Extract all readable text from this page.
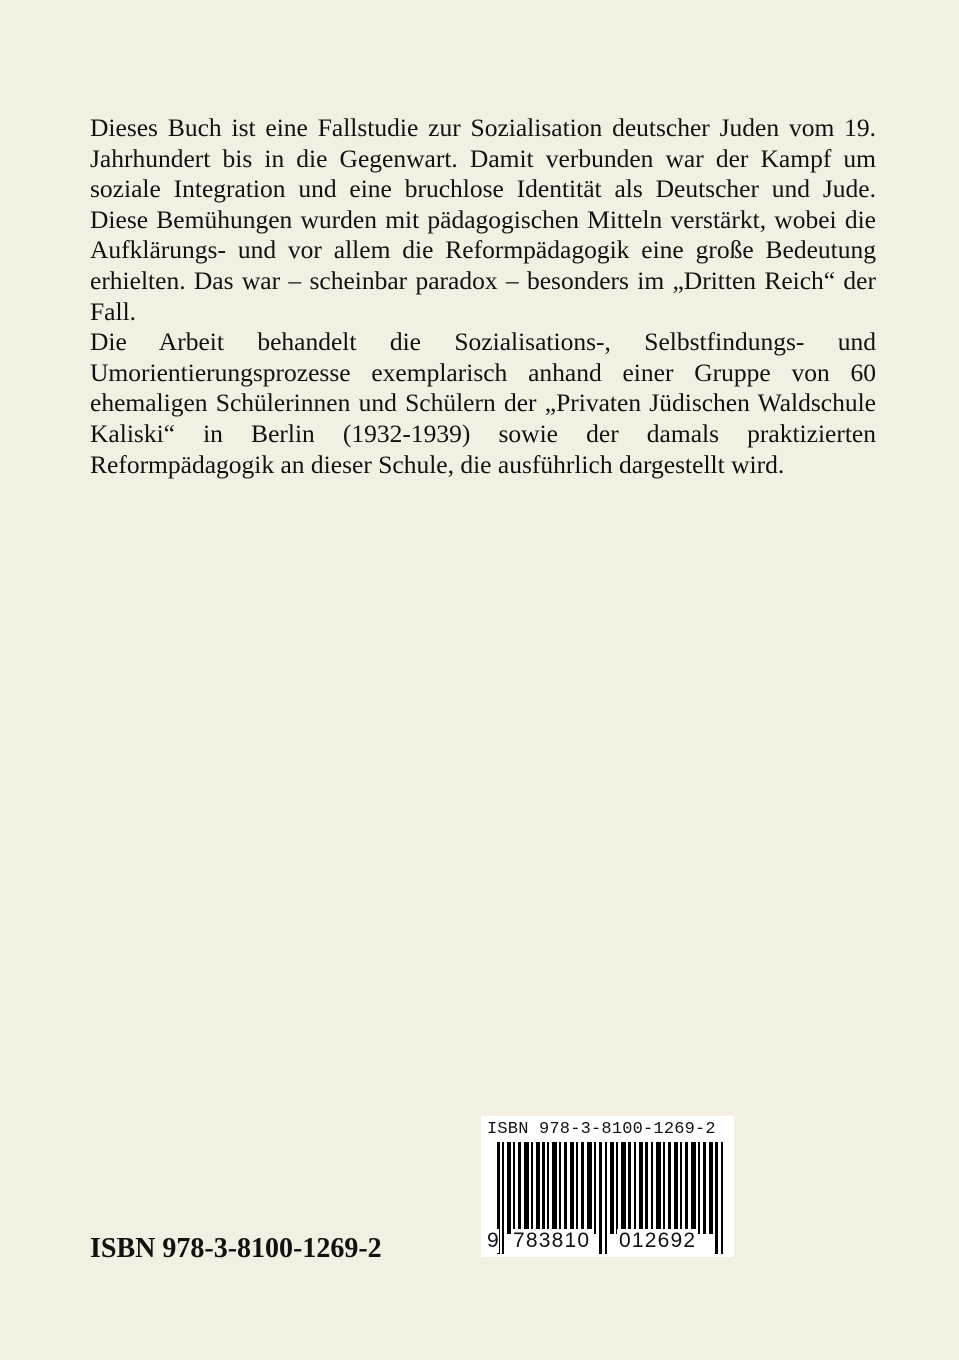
Dieses Buch ist eine Fallstudie zur Sozialisation deutscher Juden vom 19. Jahrhundert bis in die Gegenwart. Damit verbunden war der Kampf um soziale Integration und eine bruchlose Identität als Deutscher und Jude. Diese Bemühungen wurden mit pädagogischen Mitteln verstärkt, wobei die Aufklärungs- und vor allem die Reformpädagogik eine große Bedeutung erhielten. Das war – scheinbar paradox – besonders im „Dritten Reich“ der Fall.

Die Arbeit behandelt die Sozialisations-, Selbstfindungs- und Umorientierungsprozesse exemplarisch anhand einer Gruppe von 60 ehemaligen Schülerinnen und Schülern der „Privaten Jüdischen Waldschule Kaliski“ in Berlin (1932-1939) sowie der damals praktizierten Reformpädagogik an dieser Schule, die ausführlich dargestellt wird.

ISBN 978-3-8100-1269-2
ISBN 978-3-8100-1269-2
9 783810 012692
